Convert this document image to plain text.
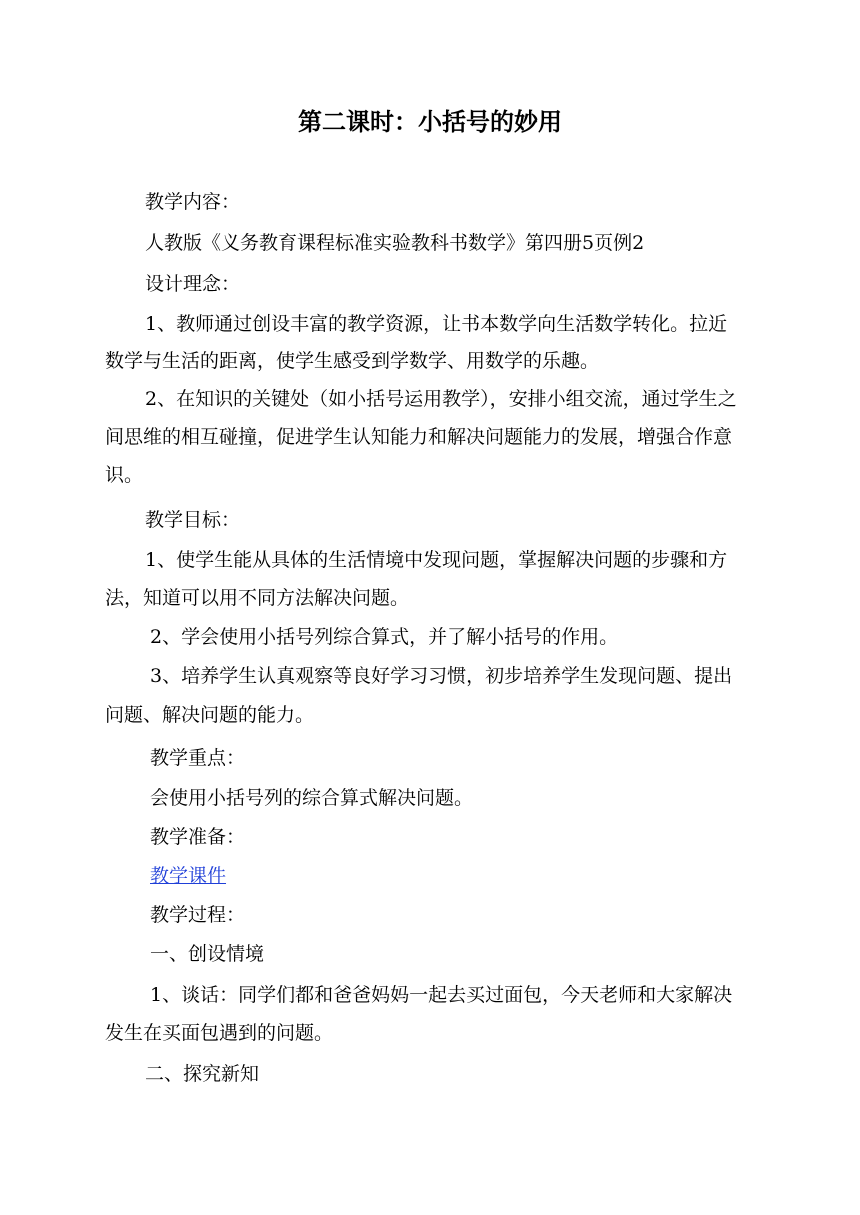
第二课时：小括号的妙用

教学内容：

人教版《义务教育课程标准实验教科书数学》第四册5页例2

设计理念：

1、教师通过创设丰富的教学资源，让书本数学向生活数学转化。拉近

数学与生活的距离，使学生感受到学数学、用数学的乐趣。

2、在知识的关键处（如小括号运用教学），安排小组交流，通过学生之

间思维的相互碰撞，促进学生认知能力和解决问题能力的发展，增强合作意

识。

教学目标：

1、使学生能从具体的生活情境中发现问题，掌握解决问题的步骤和方

法，知道可以用不同方法解决问题。

2、学会使用小括号列综合算式，并了解小括号的作用。

3、培养学生认真观察等良好学习习惯，初步培养学生发现问题、提出

问题、解决问题的能力。

教学重点：

会使用小括号列的综合算式解决问题。

教学准备：

教学课件

教学过程：

一、创设情境

1、谈话：同学们都和爸爸妈妈一起去买过面包，今天老师和大家解决

发生在买面包遇到的问题。

二、探究新知
